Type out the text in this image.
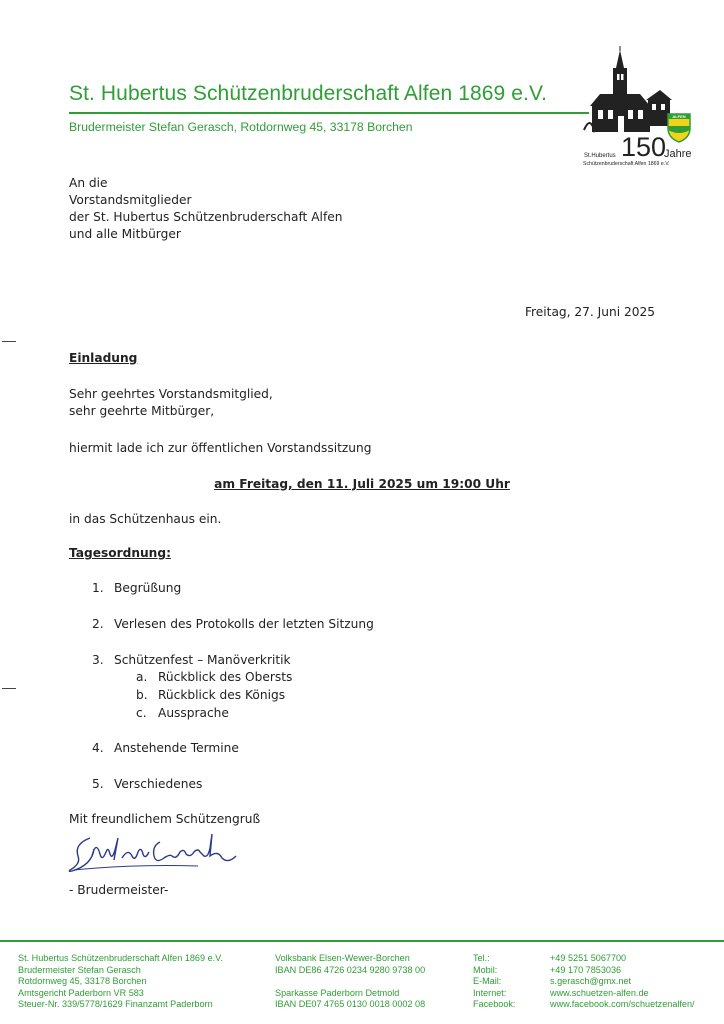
St. Hubertus Schützenbruderschaft Alfen 1869 e.V.
Brudermeister Stefan Gerasch, Rotdornweg 45, 33178 Borchen
ALFEN
150
Jahre
St.Hubertus
Schützenbruderschaft Alfen 1869 e.V.
An die
Vorstandsmitglieder
der St. Hubertus Schützenbruderschaft Alfen
und alle Mitbürger
Freitag, 27. Juni 2025
Einladung
Sehr geehrtes Vorstandsmitglied,
sehr geehrte Mitbürger,
hiermit lade ich zur öffentlichen Vorstandssitzung
am Freitag, den 11. Juli 2025 um 19:00 Uhr
in das Schützenhaus ein.
Tagesordnung:
1. Begrüßung
2. Verlesen des Protokolls der letzten Sitzung
3. Schützenfest – Manöverkritik
a. Rückblick des Obersts
b. Rückblick des Königs
c. Aussprache
4. Anstehende Termine
5. Verschiedenes
Mit freundlichem Schützengruß
- Brudermeister-
St. Hubertus Schützenbruderschaft Alfen 1869 e.V.
Brudermeister Stefan Gerasch
Rotdornweg 45, 33178 Borchen
Amtsgericht Paderborn VR 583
Steuer-Nr. 339/5778/1629 Finanzamt Paderborn
Volksbank Elsen-Wewer-Borchen
IBAN DE86 4726 0234 9280 9738 00
Sparkasse Paderborn Detmold
IBAN DE07 4765 0130 0018 0002 08
Tel.:
Mobil:
E-Mail:
Internet:
Facebook:
+49 5251 5067700
+49 170 7853036
s.gerasch@gmx.net
www.schuetzen-alfen.de
www.facebook.com/schuetzenalfen/
